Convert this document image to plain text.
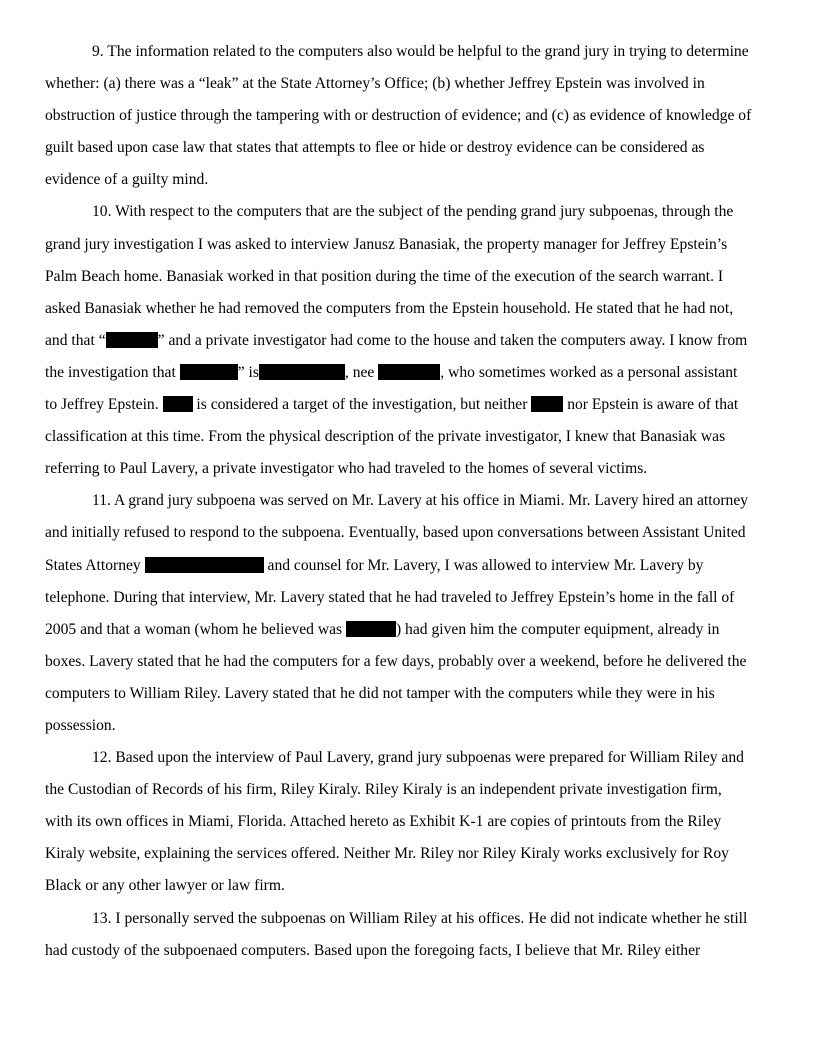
9. The information related to the computers also would be helpful to the grand jury in trying to determine
whether: (a) there was a “leak” at the State Attorney’s Office; (b) whether Jeffrey Epstein was involved in
obstruction of justice through the tampering with or destruction of evidence; and (c) as evidence of knowledge of
guilt based upon case law that states that attempts to flee or hide or destroy evidence can be considered as
evidence of a guilty mind.
10. With respect to the computers that are the subject of the pending grand jury subpoenas, through the
grand jury investigation I was asked to interview Janusz Banasiak, the property manager for Jeffrey Epstein’s
Palm Beach home. Banasiak worked in that position during the time of the execution of the search warrant. I
asked Banasiak whether he had removed the computers from the Epstein household. He stated that he had not,
and that “	” and a private investigator had come to the house and taken the computers away. I know from
the investigation that	” is	, nee	, who sometimes worked as a personal assistant
to Jeffrey Epstein.  is considered a target of the investigation, but neither  nor Epstein is aware of that
classification at this time. From the physical description of the private investigator, I knew that Banasiak was
referring to Paul Lavery, a private investigator who had traveled to the homes of several victims.
11. A grand jury subpoena was served on Mr. Lavery at his office in Miami. Mr. Lavery hired an attorney
and initially refused to respond to the subpoena. Eventually, based upon conversations between Assistant United
States Attorney	and counsel for Mr. Lavery, I was allowed to interview Mr. Lavery by
telephone. During that interview, Mr. Lavery stated that he had traveled to Jeffrey Epstein’s home in the fall of
2005 and that a woman (whom he believed was	) had given him the computer equipment, already in
boxes. Lavery stated that he had the computers for a few days, probably over a weekend, before he delivered the
computers to William Riley. Lavery stated that he did not tamper with the computers while they were in his
possession.
12. Based upon the interview of Paul Lavery, grand jury subpoenas were prepared for William Riley and
the Custodian of Records of his firm, Riley Kiraly. Riley Kiraly is an independent private investigation firm,
with its own offices in Miami, Florida. Attached hereto as Exhibit K-1 are copies of printouts from the Riley
Kiraly website, explaining the services offered. Neither Mr. Riley nor Riley Kiraly works exclusively for Roy
Black or any other lawyer or law firm.
13. I personally served the subpoenas on William Riley at his offices. He did not indicate whether he still
had custody of the subpoenaed computers. Based upon the foregoing facts, I believe that Mr. Riley either
